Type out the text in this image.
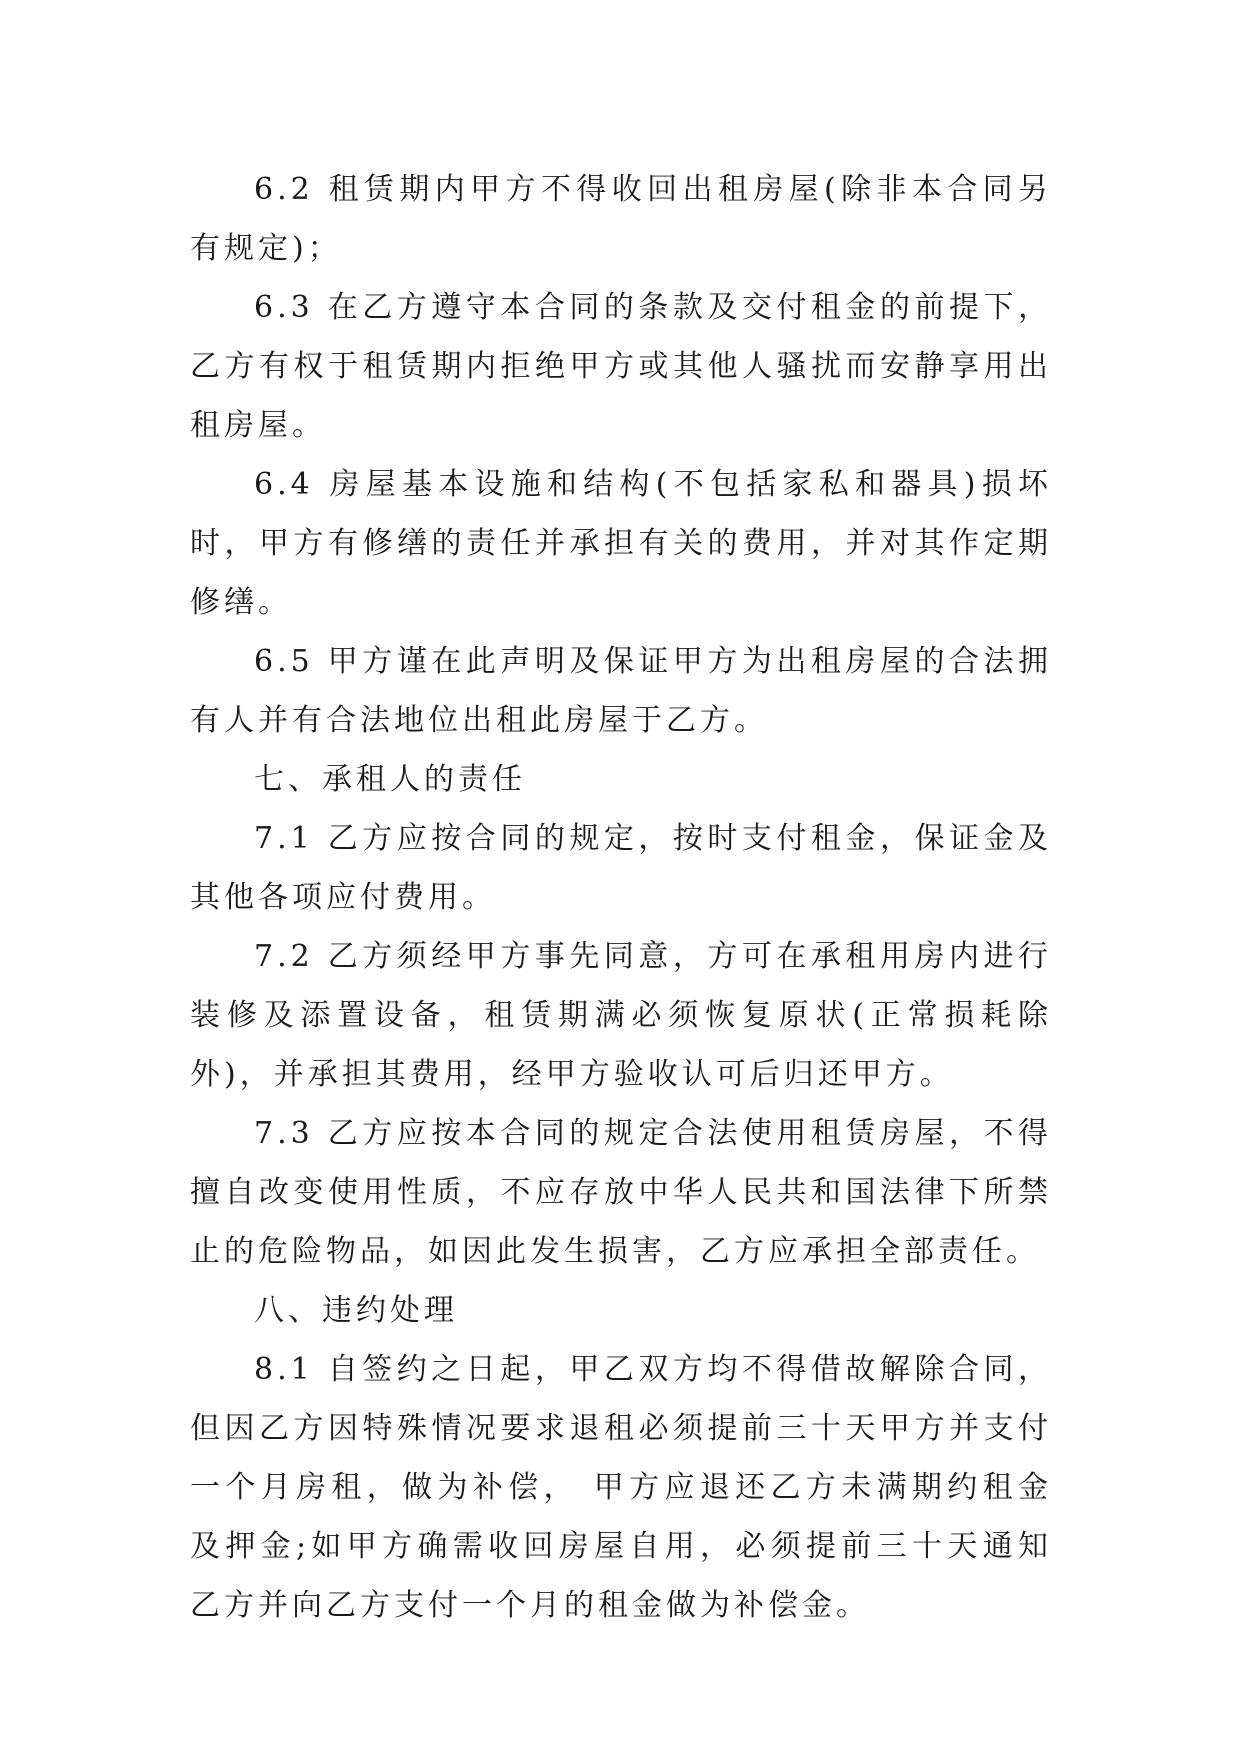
6.2 租赁期内甲方不得收回出租房屋(除非本合同另有规定)；

6.3 在乙方遵守本合同的条款及交付租金的前提下，乙方有权于租赁期内拒绝甲方或其他人骚扰而安静享用出租房屋。

6.4 房屋基本设施和结构(不包括家私和器具)损坏时，甲方有修缮的责任并承担有关的费用，并对其作定期修缮。

6.5 甲方谨在此声明及保证甲方为出租房屋的合法拥有人并有合法地位出租此房屋于乙方。

七、承租人的责任

7.1 乙方应按合同的规定，按时支付租金，保证金及其他各项应付费用。

7.2 乙方须经甲方事先同意，方可在承租用房内进行装修及添置设备，租赁期满必须恢复原状(正常损耗除外)，并承担其费用，经甲方验收认可后归还甲方。

7.3 乙方应按本合同的规定合法使用租赁房屋，不得擅自改变使用性质，不应存放中华人民共和国法律下所禁止的危险物品，如因此发生损害，乙方应承担全部责任。

八、违约处理

8.1 自签约之日起，甲乙双方均不得借故解除合同，但因乙方因特殊情况要求退租必须提前三十天甲方并支付一个月房租，做为补偿， 甲方应退还乙方未满期约租金及押金;如甲方确需收回房屋自用，必须提前三十天通知乙方并向乙方支付一个月的租金做为补偿金。
